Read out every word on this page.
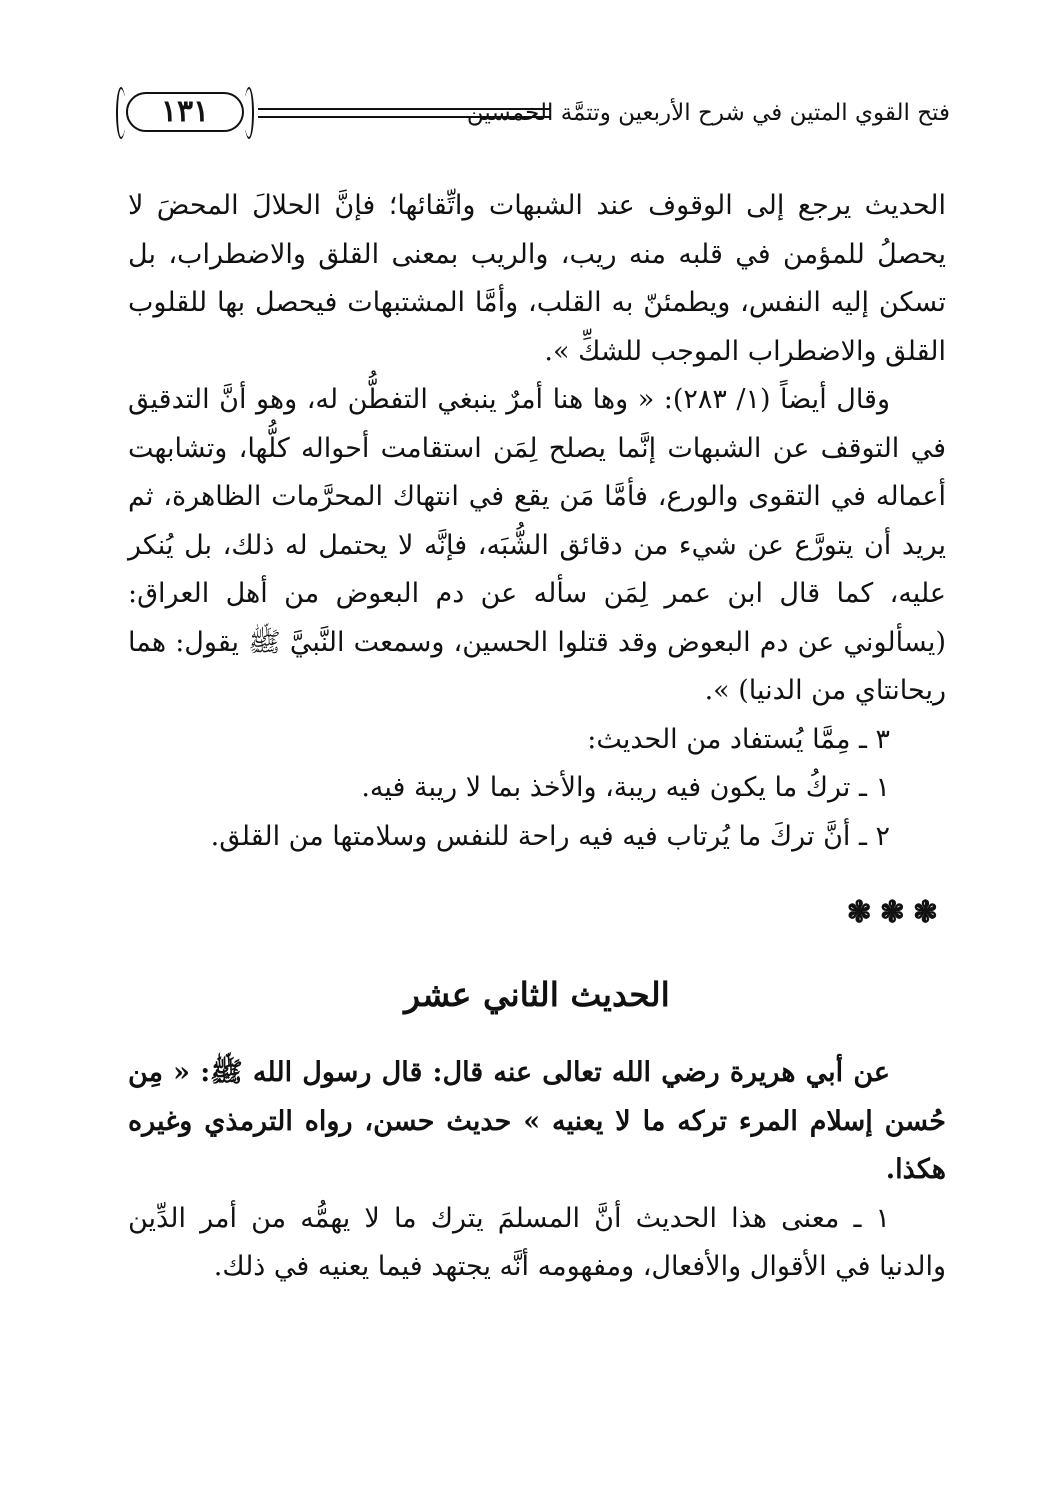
فتح القوي المتين في شرح الأربعين وتتمَّة الخمسين
١٣١

الحديث يرجع إلى الوقوف عند الشبهات واتِّقائها؛ فإنَّ الحلالَ المحضَ لا يحصلُ للمؤمن في قلبه منه ريب، والريب بمعنى القلق والاضطراب، بل تسكن إليه النفس، ويطمئنّ به القلب، وأمَّا المشتبهات فيحصل بها للقلوب القلق والاضطراب الموجب للشكِّ ».

وقال أيضاً (١/ ٢٨٣): « وها هنا أمرٌ ينبغي التفطُّن له، وهو أنَّ التدقيق في التوقف عن الشبهات إنَّما يصلح لِمَن استقامت أحواله كلُّها، وتشابهت أعماله في التقوى والورع، فأمَّا مَن يقع في انتهاك المحرَّمات الظاهرة، ثم يريد أن يتورَّع عن شيء من دقائق الشُّبَه، فإنَّه لا يحتمل له ذلك، بل يُنكر عليه، كما قال ابن عمر لِمَن سأله عن دم البعوض من أهل العراق: (يسألوني عن دم البعوض وقد قتلوا الحسين، وسمعت النَّبيَّ ﷺ يقول: هما ريحانتاي من الدنيا) ».

٣ ـ مِمَّا يُستفاد من الحديث:

١ ـ تركُ ما يكون فيه ريبة، والأخذ بما لا ريبة فيه.

٢ ـ أنَّ تركَ ما يُرتاب فيه فيه راحة للنفس وسلامتها من القلق.

❃❃❃
الحديث الثاني عشر

عن أبي هريرة رضي الله تعالى عنه قال: قال رسول الله ﷺ: « مِن حُسن إسلام المرء تركه ما لا يعنيه » حديث حسن، رواه الترمذي وغيره هكذا.

١ ـ معنى هذا الحديث أنَّ المسلمَ يترك ما لا يهمُّه من أمر الدِّين والدنيا في الأقوال والأفعال، ومفهومه أنَّه يجتهد فيما يعنيه في ذلك.
